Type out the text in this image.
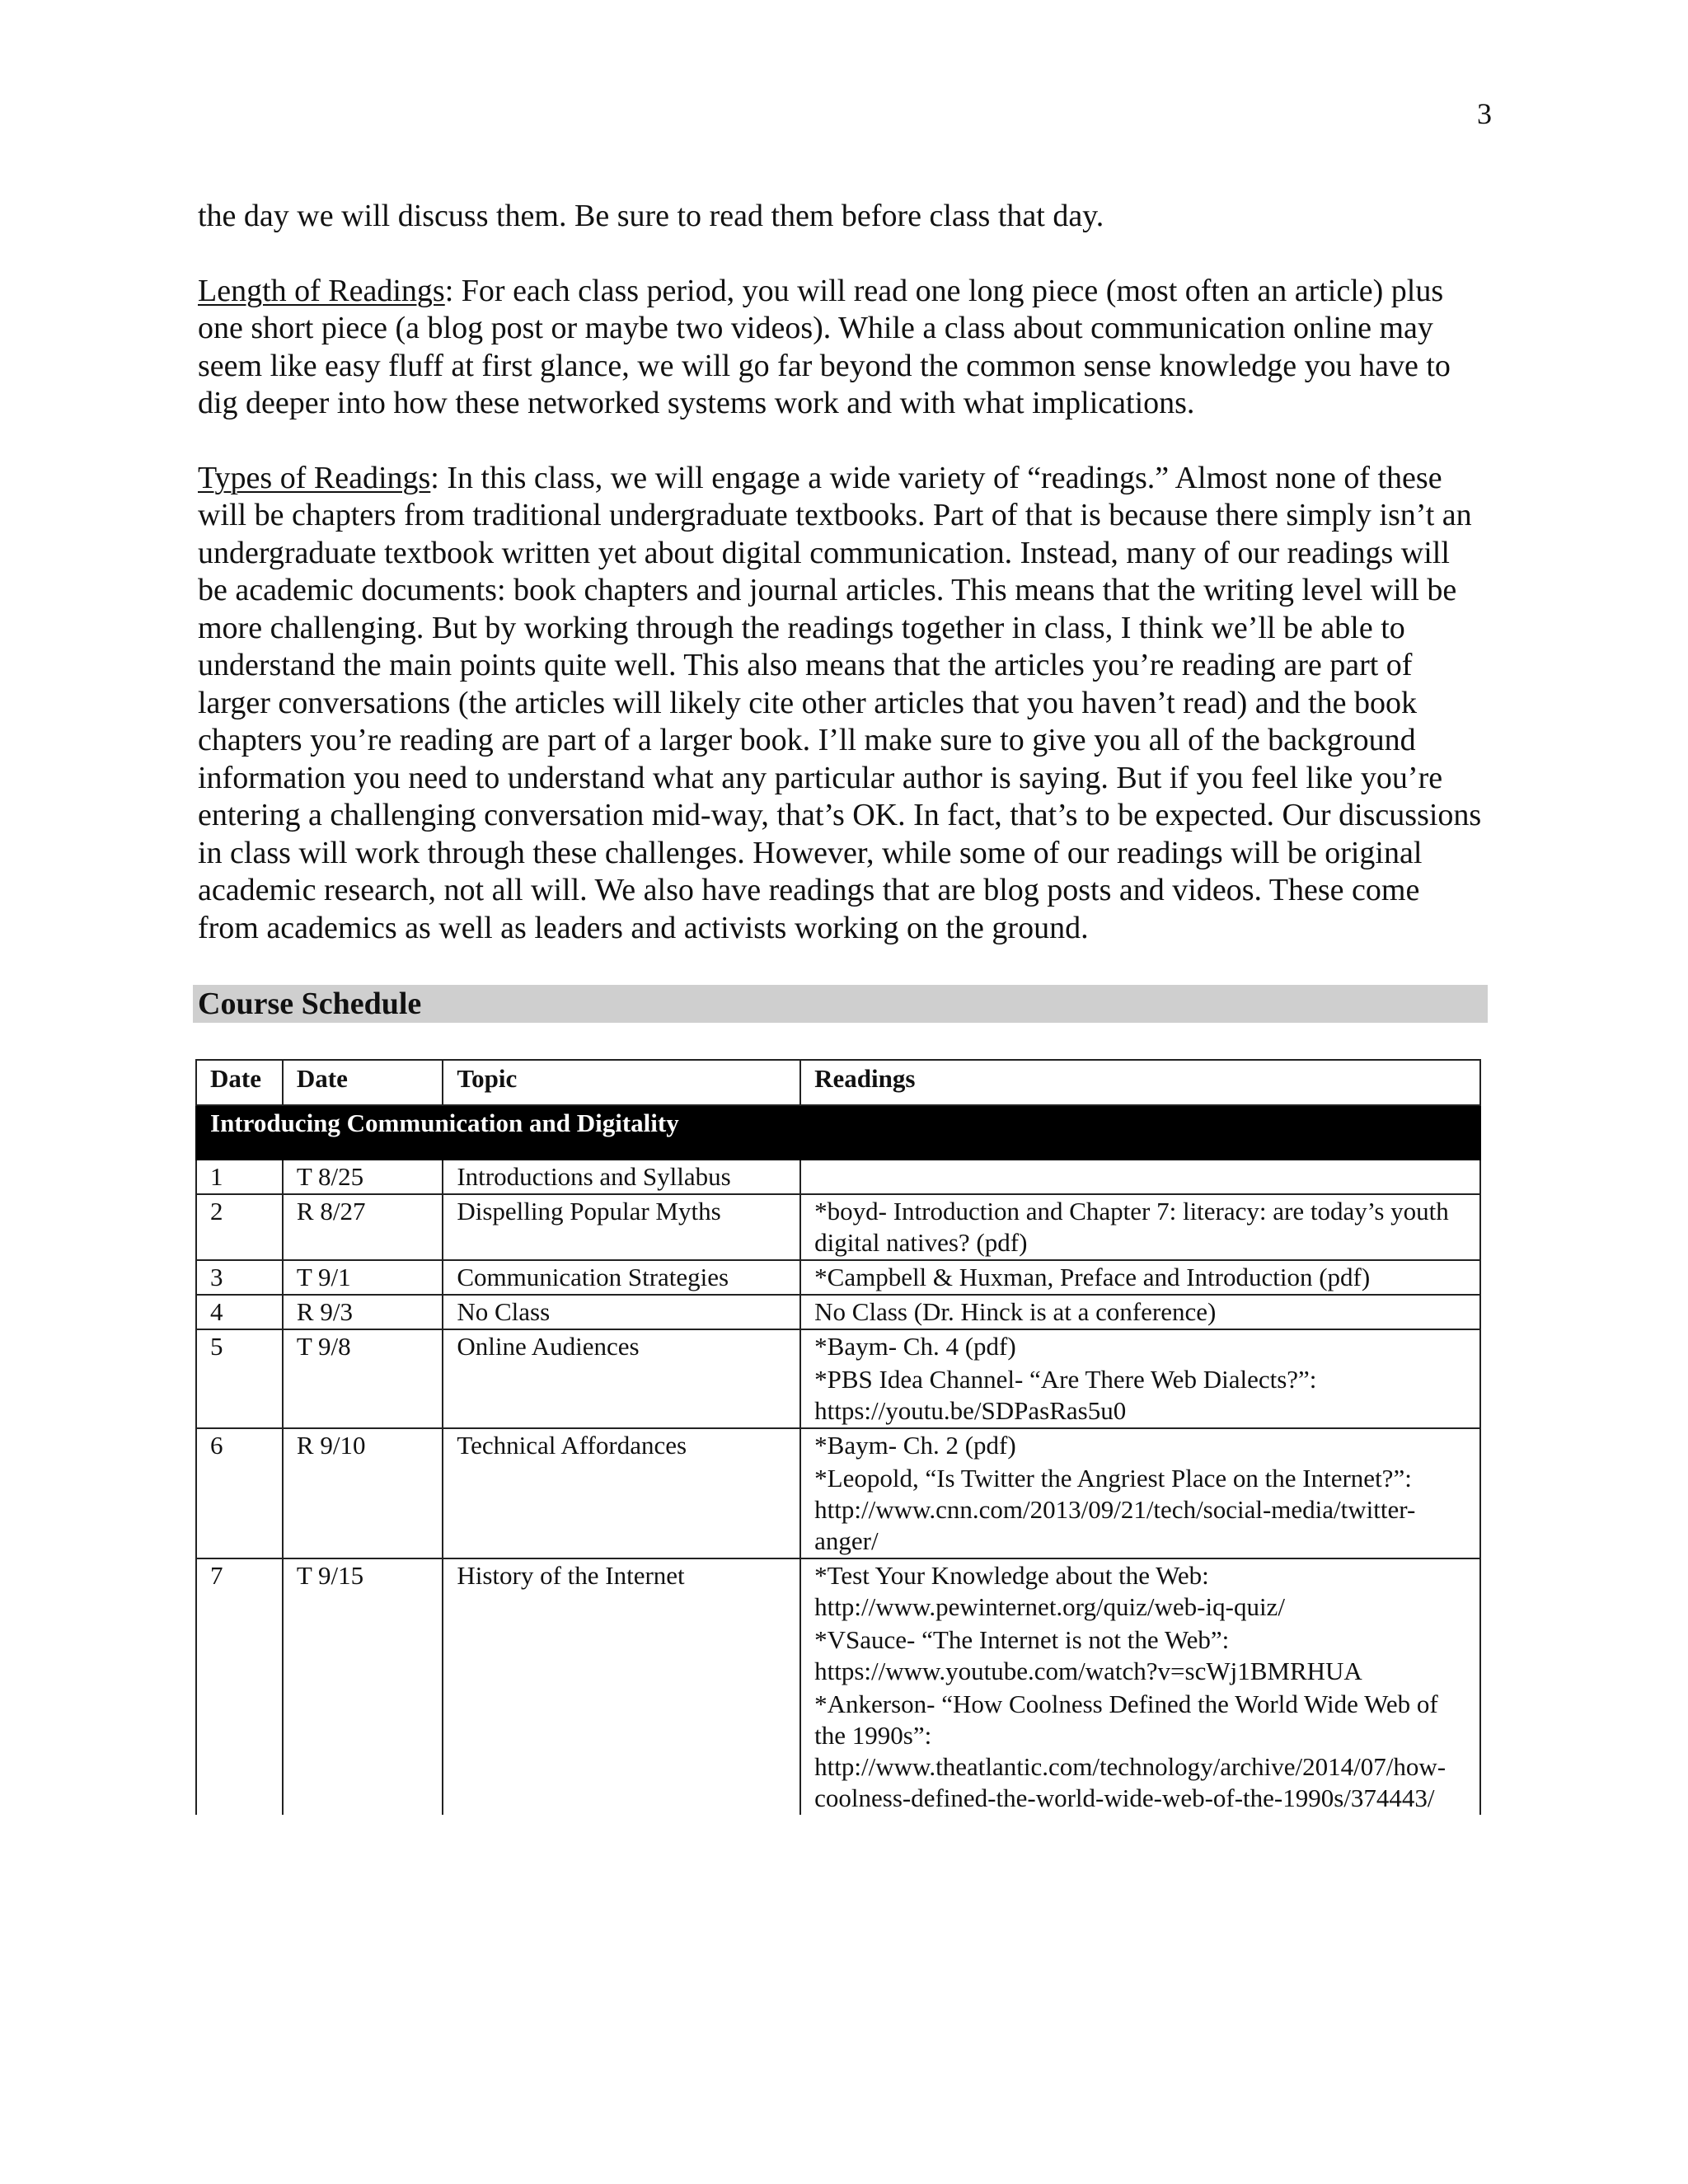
3

the day we will discuss them. Be sure to read them before class that day.

Length of Readings: For each class period, you will read one long piece (most often an article) plus one short piece (a blog post or maybe two videos). While a class about communication online may seem like easy fluff at first glance, we will go far beyond the common sense knowledge you have to dig deeper into how these networked systems work and with what implications.

Types of Readings: In this class, we will engage a wide variety of “readings.” Almost none of these will be chapters from traditional undergraduate textbooks. Part of that is because there simply isn’t an undergraduate textbook written yet about digital communication. Instead, many of our readings will be academic documents: book chapters and journal articles. This means that the writing level will be more challenging. But by working through the readings together in class, I think we’ll be able to understand the main points quite well. This also means that the articles you’re reading are part of larger conversations (the articles will likely cite other articles that you haven’t read) and the book chapters you’re reading are part of a larger book. I’ll make sure to give you all of the background information you need to understand what any particular author is saying. But if you feel like you’re entering a challenging conversation mid-way, that’s OK. In fact, that’s to be expected. Our discussions in class will work through these challenges. However, while some of our readings will be original academic research, not all will. We also have readings that are blog posts and videos. These come from academics as well as leaders and activists working on the ground.

Course Schedule
Date	Date	Topic	Readings
Introducing Communication and Digitality			
1	T 8/25	Introductions and Syllabus	
2	R 8/27	Dispelling Popular Myths	*boyd- Introduction and Chapter 7: literacy: are today’s youth digital natives? (pdf)

3	T 9/1	Communication Strategies	*Campbell & Huxman, Preface and Introduction (pdf)

4	R 9/3	No Class	No Class (Dr. Hinck is at a conference)

5	T 9/8	Online Audiences	*Baym- Ch. 4 (pdf)
*PBS Idea Channel- “Are There Web Dialects?”: https://youtu.be/SDPasRas5u0

6	R 9/10	Technical Affordances	*Baym- Ch. 2 (pdf)
*Leopold, “Is Twitter the Angriest Place on the Internet?”: http://www.cnn.com/2013/09/21/tech/social-media/twitter-anger/

7	T 9/15	History of the Internet	*Test Your Knowledge about the Web: http://www.pewinternet.org/quiz/web-iq-quiz/
*VSauce- “The Internet is not the Web”: https://www.youtube.com/watch?v=scWj1BMRHUA
*Ankerson- “How Coolness Defined the World Wide Web of the 1990s”: http://www.theatlantic.com/technology/archive/2014/07/how-coolness-defined-the-world-wide-web-of-the-1990s/374443/
